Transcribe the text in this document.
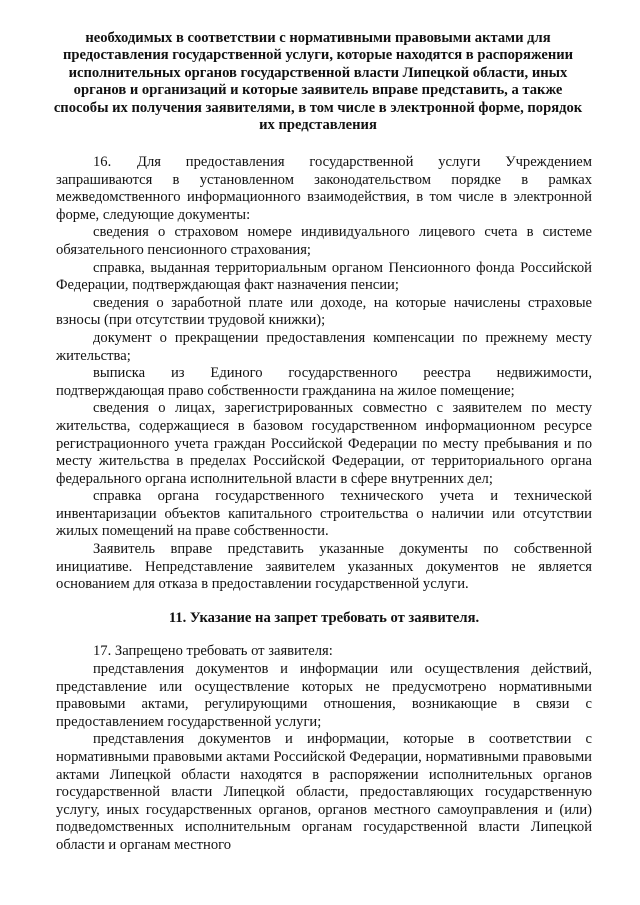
необходимых в соответствии с нормативными правовыми актами для предоставления государственной услуги, которые находятся в распоряжении исполнительных органов государственной власти Липецкой области, иных органов и организаций и которые заявитель вправе представить, а также способы их получения заявителями, в том числе в электронной форме, порядок их представления

16. Для предоставления государственной услуги Учреждением запрашиваются в установленном законодательством порядке в рамках межведомственного информационного взаимодействия, в том числе в электронной форме, следующие документы:

сведения о страховом номере индивидуального лицевого счета в системе обязательного пенсионного страхования;

справка, выданная территориальным органом Пенсионного фонда Российской Федерации, подтверждающая факт назначения пенсии;

сведения о заработной плате или доходе, на которые начислены страховые взносы (при отсутствии трудовой книжки);

документ о прекращении предоставления компенсации по прежнему месту жительства;

выписка из Единого государственного реестра недвижимости, подтверждающая право собственности гражданина на жилое помещение;

сведения о лицах, зарегистрированных совместно с заявителем по месту жительства, содержащиеся в базовом государственном информационном ресурсе регистрационного учета граждан Российской Федерации по месту пребывания и по месту жительства в пределах Российской Федерации, от территориального органа федерального органа исполнительной власти в сфере внутренних дел;

справка органа государственного технического учета и технической инвентаризации объектов капитального строительства о наличии или отсутствии жилых помещений на праве собственности.

Заявитель вправе представить указанные документы по собственной инициативе. Непредставление заявителем указанных документов не является основанием для отказа в предоставлении государственной услуги.

11. Указание на запрет требовать от заявителя.

17. Запрещено требовать от заявителя:

представления документов и информации или осуществления действий, представление или осуществление которых не предусмотрено нормативными правовыми актами, регулирующими отношения, возникающие в связи с предоставлением государственной услуги;

представления документов и информации, которые в соответствии с нормативными правовыми актами Российской Федерации, нормативными правовыми актами Липецкой области находятся в распоряжении исполнительных органов государственной власти Липецкой области, предоставляющих государственную услугу, иных государственных органов, органов местного самоуправления и (или) подведомственных исполнительным органам государственной власти Липецкой области и органам местного
